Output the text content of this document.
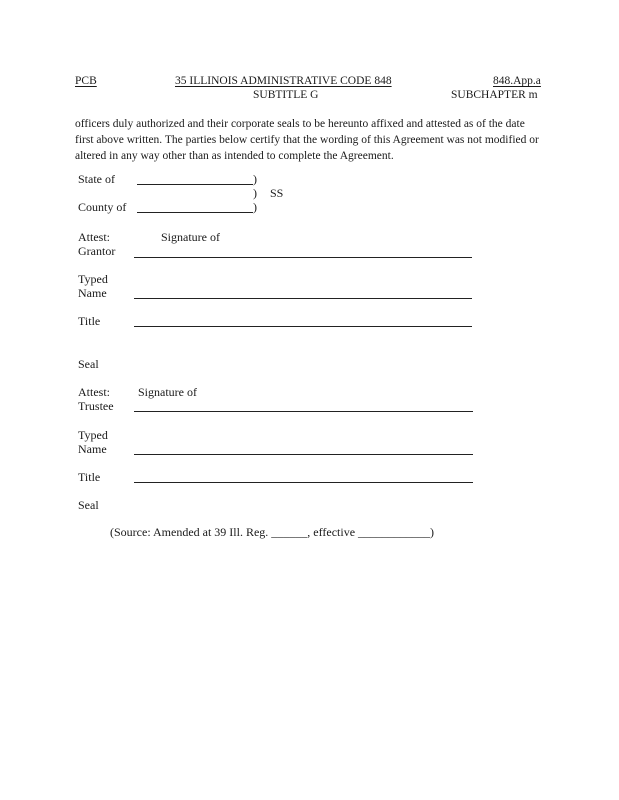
PCB	35 ILLINOIS ADMINISTRATIVE CODE 848	848.App.a
SUBTITLE G	SUBCHAPTER m
officers duly authorized and their corporate seals to be hereunto affixed and attested as of the date first above written. The parties below certify that the wording of this Agreement was not modified or altered in any way other than as intended to complete the Agreement.
State of	)
) SS
County of	)
Attest:
Grantor
Signature of
Typed
Name
Title
Seal
Attest:
Trustee
Signature of
Typed
Name
Title
Seal
(Source: Amended at 39 Ill. Reg. ______, effective ____________)
